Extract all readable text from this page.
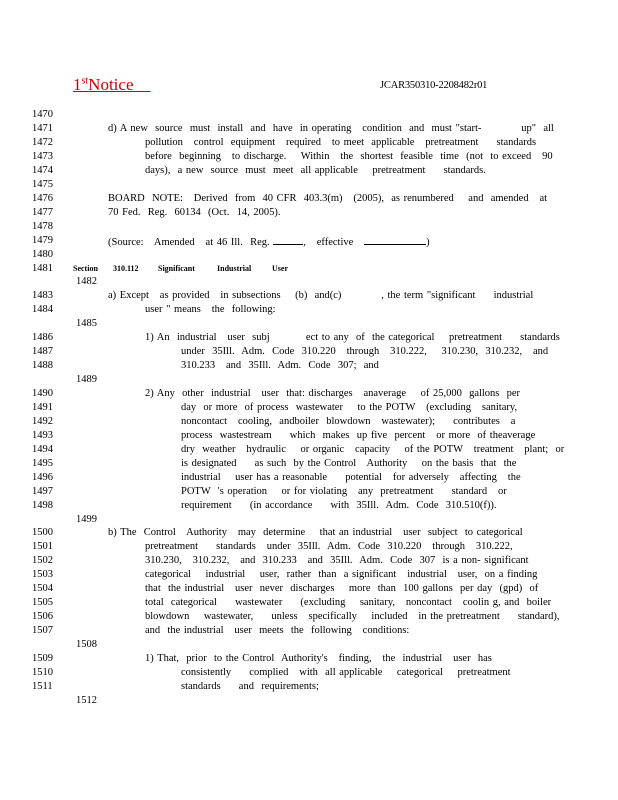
1stNotice	JCAR350310-2208482r01
1470
1471	d) A new  source  must  install  and  have  in operating   condition  and  must "start-           up"  all
1472	pollution   control  equipment   required   to meet  applicable   pretreatment     standards
1473	before  beginning   to discharge.    Within   the  shortest  feasible  time  (not  to exceed   90
1474	days),  a new  source  must  meet  all applicable    pretreatment     standards.
1475
1476	BOARD  NOTE:   Derived  from  40 CFR  403.3(m)   (2005),  as renumbered    and  amended   at
1477	70 Fed.  Reg.  60134  (Oct.  14, 2005).
1478
1479	(Source:   Amended   at 46 Ill.  Reg.	, effective	)
1480
1481	Section 310.112 Significant	Industrial	User
1482
1483	a) Except   as provided   in subsections    (b)  and(c)           , the term "significant     industrial
1484	user " means   the  following:
1485
1486	1) An  industrial   user  subj          ect to any  of  the categorical    pretreatment     standards
1487	under  35Ill.  Adm.  Code  310.220   through   310.222,    310.230,  310.232,   and
1488	310.233   and  35Ill.  Adm.  Code  307;  and
1489
1490	2) Any  other  industrial   user  that: discharges   anaverage    of 25,000  gallons  per
1491	day  or more  of process  wastewater    to the POTW   (excluding   sanitary,
1492	noncontact   cooling,  andboiler  blowdown   wastewater);     contributes   a
1493	process  wastestream     which  makes  up five  percent   or more  of theaverage
1494	dry  weather   hydraulic    or organic   capacity    of the POTW   treatment   plant;  or
1495	is designated     as such  by the Control   Authority    on the basis  that  the
1496	industrial    user has a reasonable     potential   for adversely   affecting   the
1497	POTW  's operation    or for violating   any  pretreatment     standard   or
1498	requirement     (in accordance     with  35Ill.  Adm.  Code  310.510(f)).
1499
1500	b) The  Control   Authority   may  determine    that an industrial   user  subject  to categorical
1501	pretreatment     standards   under  35Ill.  Adm.  Code  310.220   through   310.222,
1502	310.230,   310.232,   and  310.233   and  35Ill.  Adm.  Code  307  is a non- significant
1503	categorical    industrial    user,  rather  than  a significant   industrial   user,  on a finding
1504	that  the industrial   user  never  discharges    more  than  100 gallons  per day  (gpd)  of
1505	total  categorical     wastewater     (excluding    sanitary,   noncontact   coolin g, and  boiler
1506	blowdown    wastewater,     unless   specifically    included   in the pretreatment     standard),
1507	and  the industrial   user  meets  the  following   conditions:
1508
1509	1) That,  prior  to the Control  Authority's   finding,   the  industrial   user  has
1510	consistently     complied   with  all applicable    categorical    pretreatment
1511	standards     and  requirements;
1512
